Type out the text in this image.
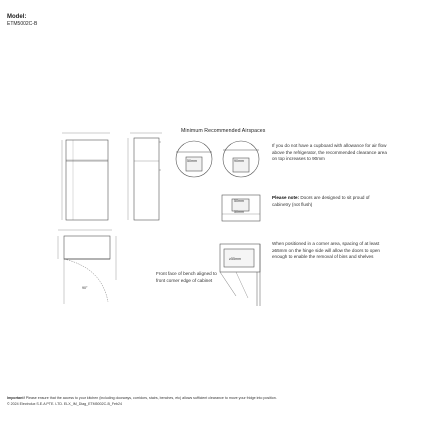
Model:
ETM5002C-B
50mm	90mm
50mm
50mm
≥55mm
90°
Minimum Recommended Airspaces
If you do not have a cupboard with allowance for air flow above the refrigerator, the recommended clearance area on top increases to 90mm
Please note: Doors are designed to sit proud of cabinetry (not flush)
When positioned in a corner area, spacing of at least ≥55mm on the hinge side will allow the doors to open enough to enable the removal of bins and shelves
Front face of bench aligned to front corner edge of cabinet
Important! Please ensure that the access to your kitchen (including doorways, corridors, stairs, benches, etc) allows sufficient clearance to move your fridge into position.
© 2024 Electrolux S.E.A PTE. LTD. ELX_IM_Diag_ETM5002C-B_Feb24
